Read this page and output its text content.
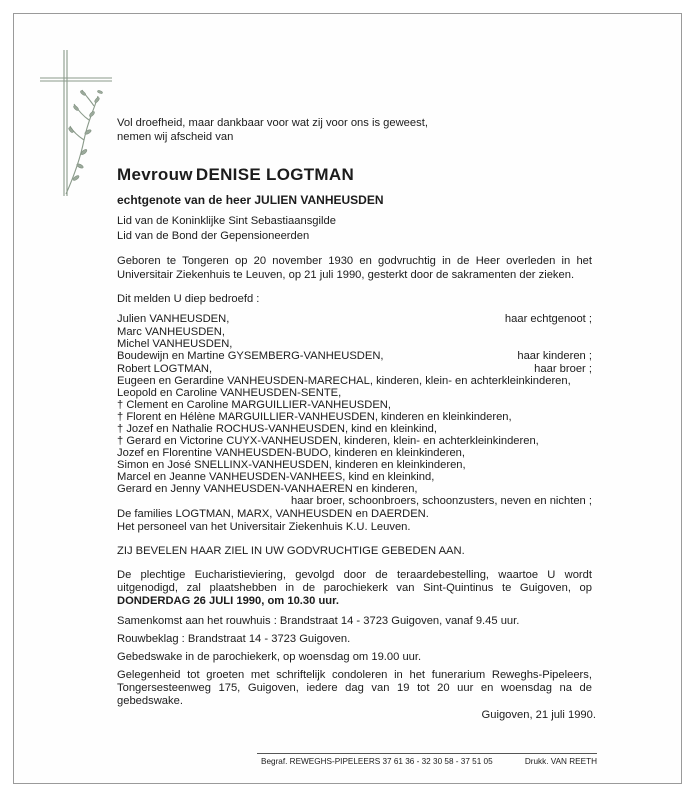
Vol droefheid, maar dankbaar voor wat zij voor ons is geweest,
nemen wij afscheid van
Mevrouw DENISE LOGTMAN
echtgenote van de heer JULIEN VANHEUSDEN
Lid van de Koninklijke Sint Sebastiaansgilde
Lid van de Bond der Gepensioneerden
Geboren te Tongeren op 20 november 1930 en godvruchtig in de Heer overleden in het
Universitair Ziekenhuis te Leuven, op 21 juli 1990, gesterkt door de sakramenten der zieken.
Dit melden U diep bedroefd :
Julien VANHEUSDEN,	haar echtgenoot ;
Marc VANHEUSDEN,
Michel VANHEUSDEN,
Boudewijn en Martine GYSEMBERG-VANHEUSDEN,	haar kinderen ;
Robert LOGTMAN,	haar broer ;
Eugeen en Gerardine VANHEUSDEN-MARECHAL, kinderen, klein- en achterkleinkinderen,
Leopold en Caroline VANHEUSDEN-SENTE,
† Clement en Caroline MARGUILLIER-VANHEUSDEN,
† Florent en Hélène MARGUILLIER-VANHEUSDEN, kinderen en kleinkinderen,
† Jozef en Nathalie ROCHUS-VANHEUSDEN, kind en kleinkind,
† Gerard en Victorine CUYX-VANHEUSDEN, kinderen, klein- en achterkleinkinderen,
Jozef en Florentine VANHEUSDEN-BUDO, kinderen en kleinkinderen,
Simon en José SNELLINX-VANHEUSDEN, kinderen en kleinkinderen,
Marcel en Jeanne VANHEUSDEN-VANHEES, kind en kleinkind,
Gerard en Jenny VANHEUSDEN-VANHAEREN en kinderen,
haar broer, schoonbroers, schoonzusters, neven en nichten ;
De families LOGTMAN, MARX, VANHEUSDEN en DAERDEN.
Het personeel van het Universitair Ziekenhuis K.U. Leuven.
ZIJ BEVELEN HAAR ZIEL IN UW GODVRUCHTIGE GEBEDEN AAN.
De plechtige Eucharistieviering, gevolgd door de teraardebestelling, waartoe U wordt
uitgenodigd, zal plaatshebben in de parochiekerk van Sint-Quintinus te Guigoven, op
DONDERDAG 26 JULI 1990, om 10.30 uur.
Samenkomst aan het rouwhuis : Brandstraat 14 - 3723 Guigoven, vanaf 9.45 uur.
Rouwbeklag : Brandstraat 14 - 3723 Guigoven.
Gebedswake in de parochiekerk, op woensdag om 19.00 uur.
Gelegenheid tot groeten met schriftelijk condoleren in het funerarium Reweghs-Pipeleers,
Tongersesteenweg 175, Guigoven, iedere dag van 19 tot 20 uur en woensdag na de
gebedswake.
Guigoven, 21 juli 1990.
Begraf. REWEGHS-PIPELEERS 37 61 36 - 32 30 58 - 37 51 05	Drukk. VAN REETH
